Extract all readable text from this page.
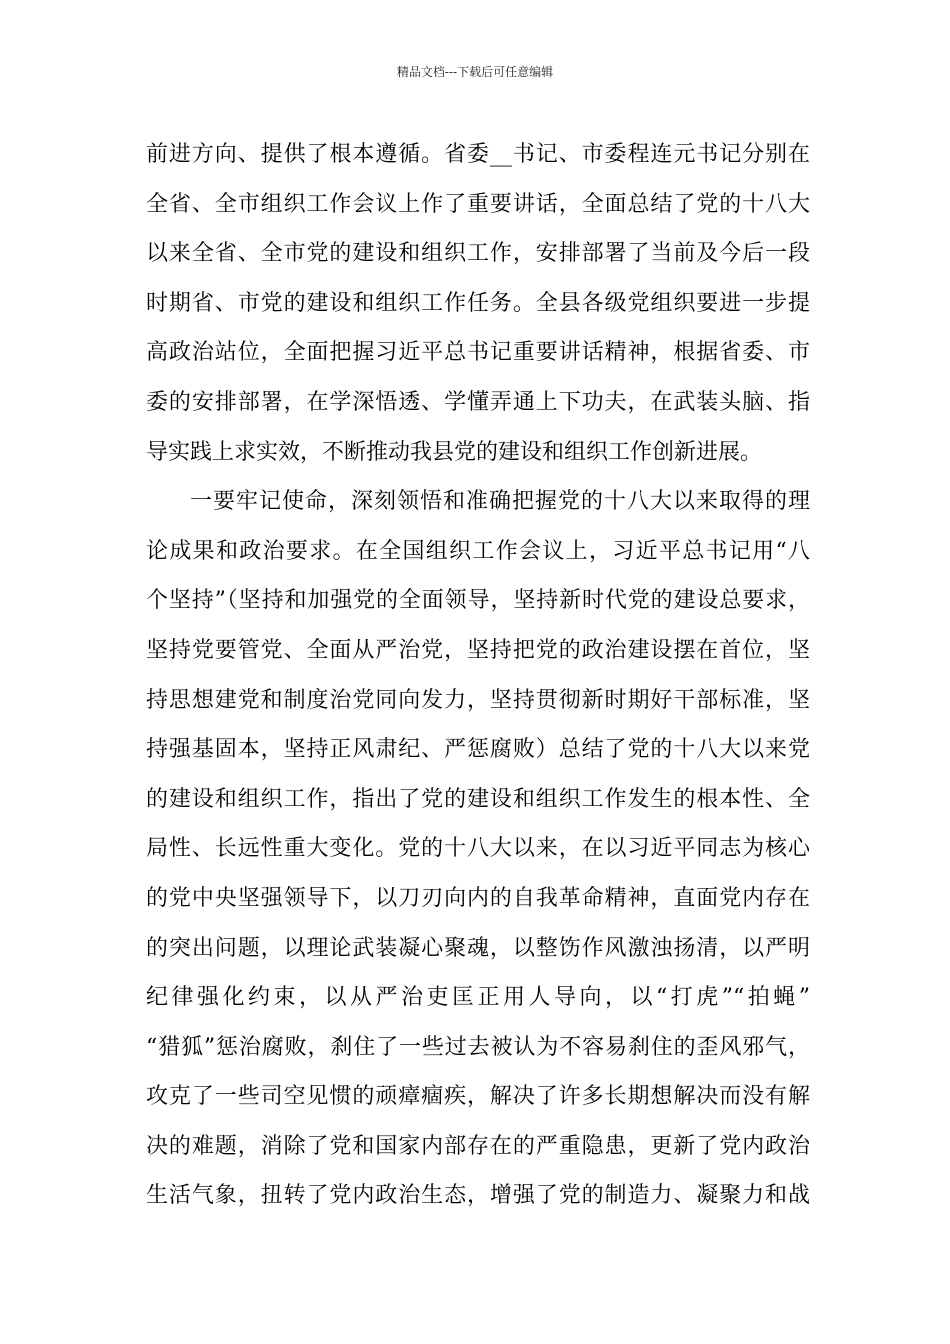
精品文档---下载后可任意编辑
前进方向、提供了根本遵循。省委__书记、市委程连元书记分别在
全省、全市组织工作会议上作了重要讲话，全面总结了党的十八大
以来全省、全市党的建设和组织工作，安排部署了当前及今后一段
时期省、市党的建设和组织工作任务。全县各级党组织要进一步提
高政治站位，全面把握习近平总书记重要讲话精神，根据省委、市
委的安排部署，在学深悟透、学懂弄通上下功夫，在武装头脑、指
导实践上求实效，不断推动我县党的建设和组织工作创新进展。
一要牢记使命，深刻领悟和准确把握党的十八大以来取得的理
论成果和政治要求。在全国组织工作会议上，习近平总书记用“八
个坚持”（坚持和加强党的全面领导，坚持新时代党的建设总要求，
坚持党要管党、全面从严治党，坚持把党的政治建设摆在首位，坚
持思想建党和制度治党同向发力，坚持贯彻新时期好干部标准，坚
持强基固本，坚持正风肃纪、严惩腐败）总结了党的十八大以来党
的建设和组织工作，指出了党的建设和组织工作发生的根本性、全
局性、长远性重大变化。党的十八大以来，在以习近平同志为核心
的党中央坚强领导下，以刀刃向内的自我革命精神，直面党内存在
的突出问题，以理论武装凝心聚魂，以整饬作风激浊扬清，以严明
纪律强化约束，以从严治吏匡正用人导向，以“打虎”“拍蝇”
“猎狐”惩治腐败，刹住了一些过去被认为不容易刹住的歪风邪气，
攻克了一些司空见惯的顽瘴痼疾，解决了许多长期想解决而没有解
决的难题，消除了党和国家内部存在的严重隐患，更新了党内政治
生活气象，扭转了党内政治生态，增强了党的制造力、凝聚力和战
